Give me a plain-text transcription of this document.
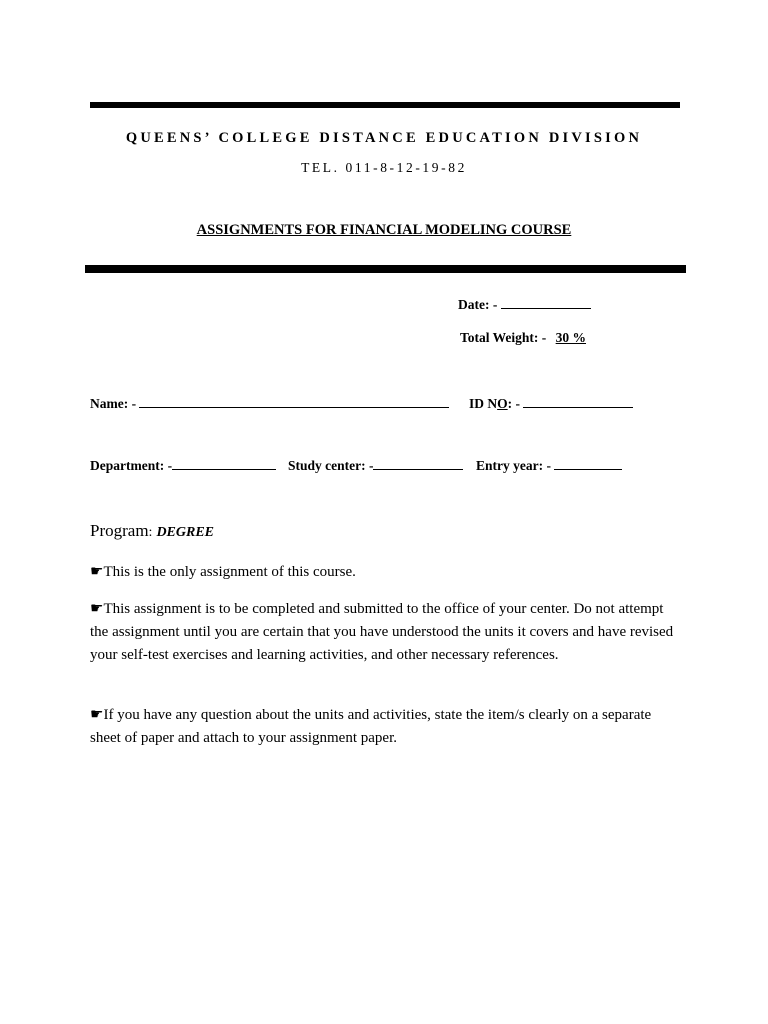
QUEENS’ COLLEGE DISTANCE EDUCATION DIVISION
TEL. 011-8-12-19-82
ASSIGNMENTS FOR FINANCIAL MODELING COURSE
Date: -
Total Weight: - 30 %
Name: -	ID NO: -
Department: -	Study center: -	Entry year: -
Program: DEGREE
☛This is the only assignment of this course.
☛This assignment is to be completed and submitted to the office of your center. Do not attempt the assignment until you are certain that you have understood the units it covers and have revised your self-test exercises and learning activities, and other necessary references.
☛If you have any question about the units and activities, state the item/s clearly on a separate sheet of paper and attach to your assignment paper.
